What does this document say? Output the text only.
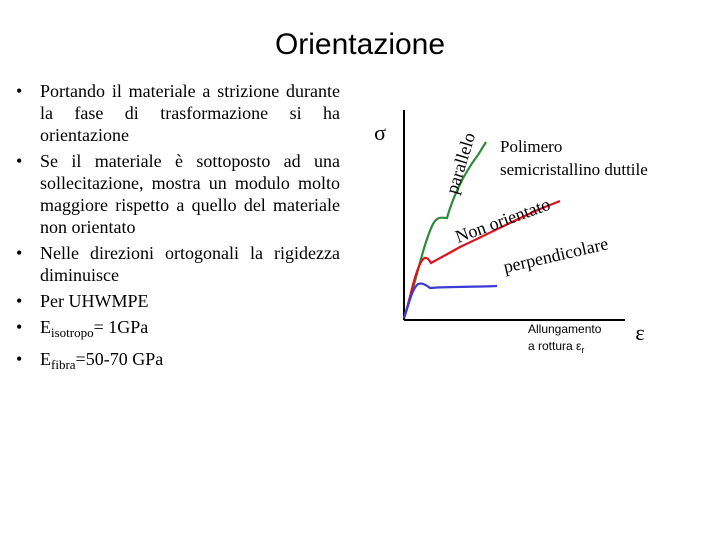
Orientazione
• Portando il materiale a strizione durante la fase di trasformazione si ha orientazione
• Se il materiale è sottoposto ad una sollecitazione, mostra un modulo molto maggiore rispetto a quello del materiale non orientato
• Nelle direzioni ortogonali la rigidezza diminuisce
• Per UHWMPE
• $E_{isotropo}= 1GPa$
• $E_{fibra}=50-70$ GPa
σ
ε
Polimero
semicristallino duttile
parallelo
Non orientato
perpendicolare
Allungamento
a rottura $\varepsilon_r$
